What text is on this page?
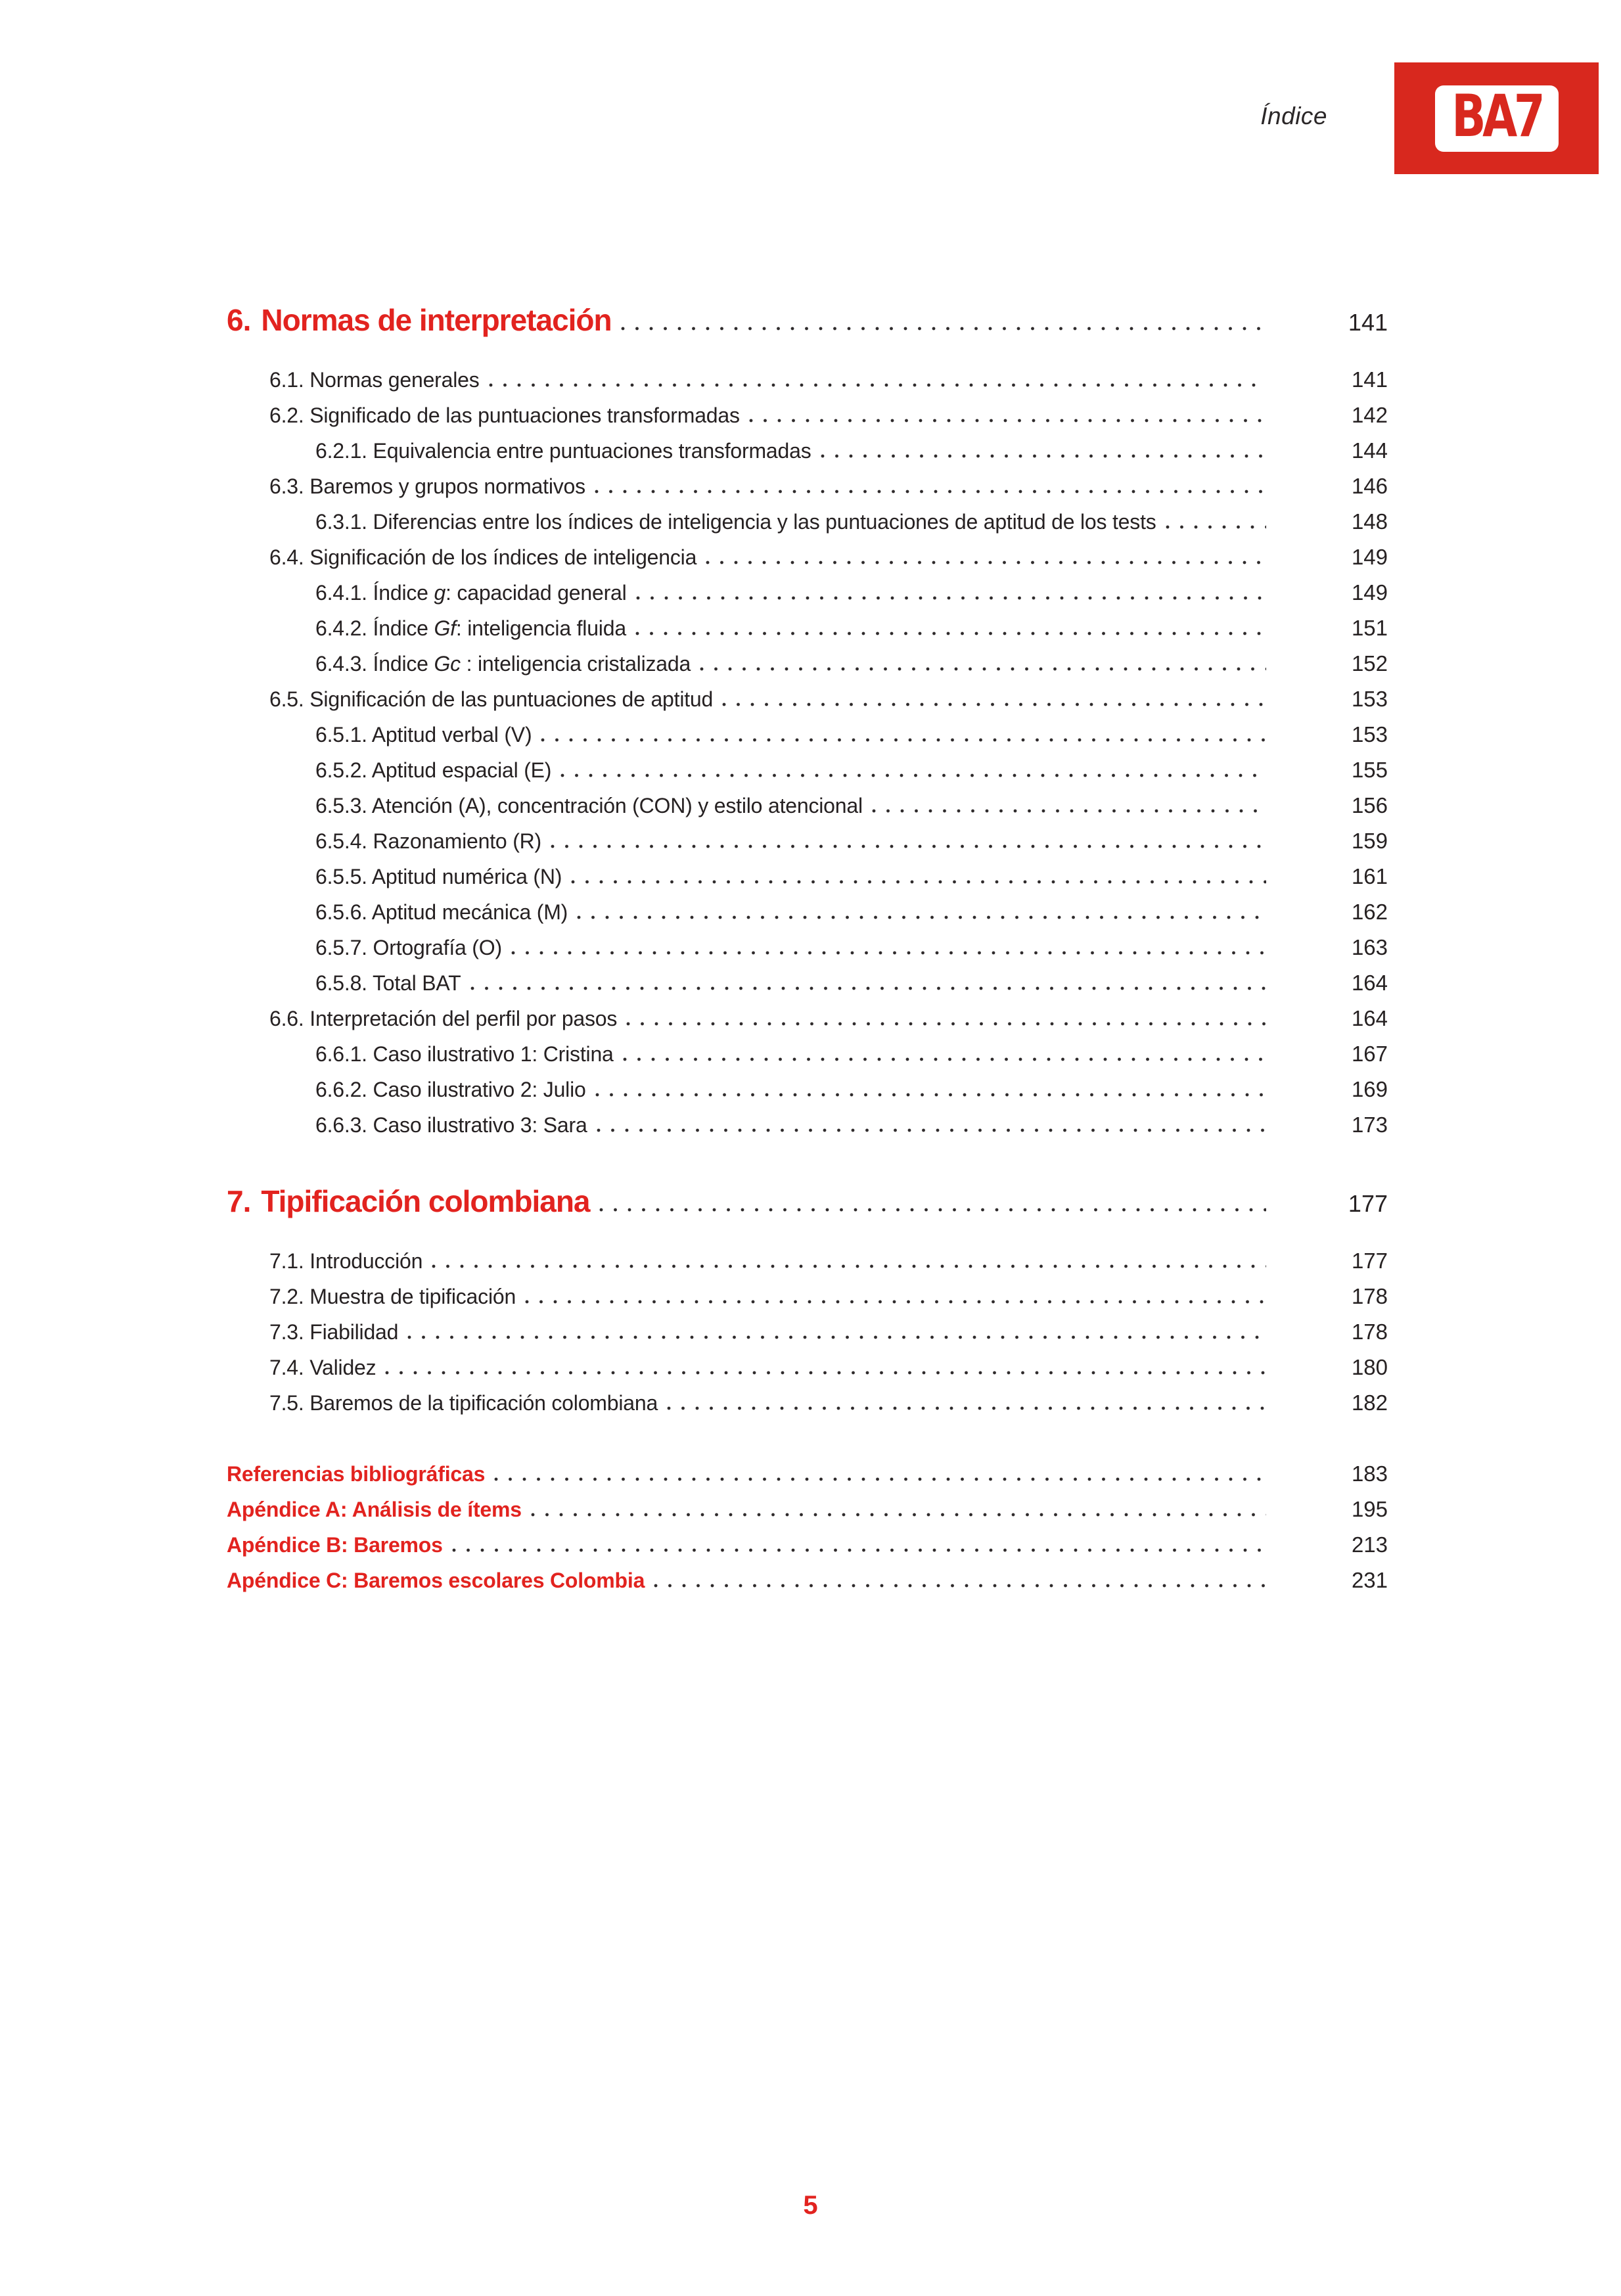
Índice BA7
6. Normas de interpretación	141
6.1. Normas generales	141
6.2. Significado de las puntuaciones transformadas	142
6.2.1. Equivalencia entre puntuaciones transformadas	144
6.3. Baremos y grupos normativos	146
6.3.1. Diferencias entre los índices de inteligencia y las puntuaciones de aptitud de los tests	148
6.4. Significación de los índices de inteligencia	149
6.4.1. Índice g: capacidad general	149
6.4.2. Índice Gf: inteligencia fluida	151
6.4.3. Índice Gc : inteligencia cristalizada	152
6.5. Significación de las puntuaciones de aptitud	153
6.5.1. Aptitud verbal (V)	153
6.5.2. Aptitud espacial (E)	155
6.5.3. Atención (A), concentración (CON) y estilo atencional	156
6.5.4. Razonamiento (R)	159
6.5.5. Aptitud numérica (N)	161
6.5.6. Aptitud mecánica (M)	162
6.5.7. Ortografía (O)	163
6.5.8. Total BAT	164
6.6. Interpretación del perfil por pasos	164
6.6.1. Caso ilustrativo 1: Cristina	167
6.6.2. Caso ilustrativo 2: Julio	169
6.6.3. Caso ilustrativo 3: Sara	173
7. Tipificación colombiana	177
7.1. Introducción	177
7.2. Muestra de tipificación	178
7.3. Fiabilidad	178
7.4. Validez	180
7.5. Baremos de la tipificación colombiana	182
Referencias bibliográficas	183
Apéndice A: Análisis de ítems	195
Apéndice B: Baremos	213
Apéndice C: Baremos escolares Colombia	231
5
